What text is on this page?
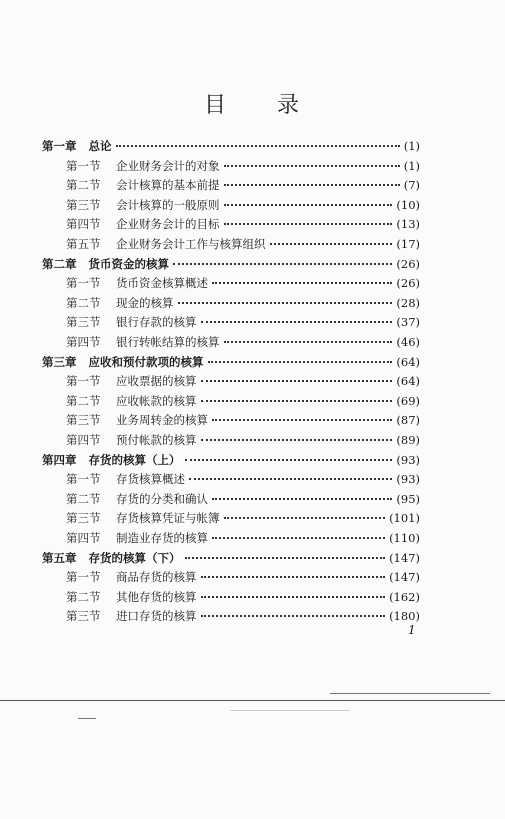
目 录
第一章 总论	(1)
第一节	企业财务会计的对象	(1)
第二节	会计核算的基本前提	(7)
第三节	会计核算的一般原则	(10)
第四节	企业财务会计的目标	(13)
第五节	企业财务会计工作与核算组织	(17)
第二章 货币资金的核算	(26)
第一节	货币资金核算概述	(26)
第二节	现金的核算	(28)
第三节	银行存款的核算	(37)
第四节	银行转帐结算的核算	(46)
第三章 应收和预付款项的核算	(64)
第一节	应收票据的核算	(64)
第二节	应收帐款的核算	(69)
第三节	业务周转金的核算	(87)
第四节	预付帐款的核算	(89)
第四章 存货的核算（上）	(93)
第一节	存货核算概述	(93)
第二节	存货的分类和确认	(95)
第三节	存货核算凭证与帐簿	(101)
第四节	制造业存货的核算	(110)
第五章 存货的核算（下）	(147)
第一节	商品存货的核算	(147)
第二节	其他存货的核算	(162)
第三节	进口存货的核算	(180)
1
